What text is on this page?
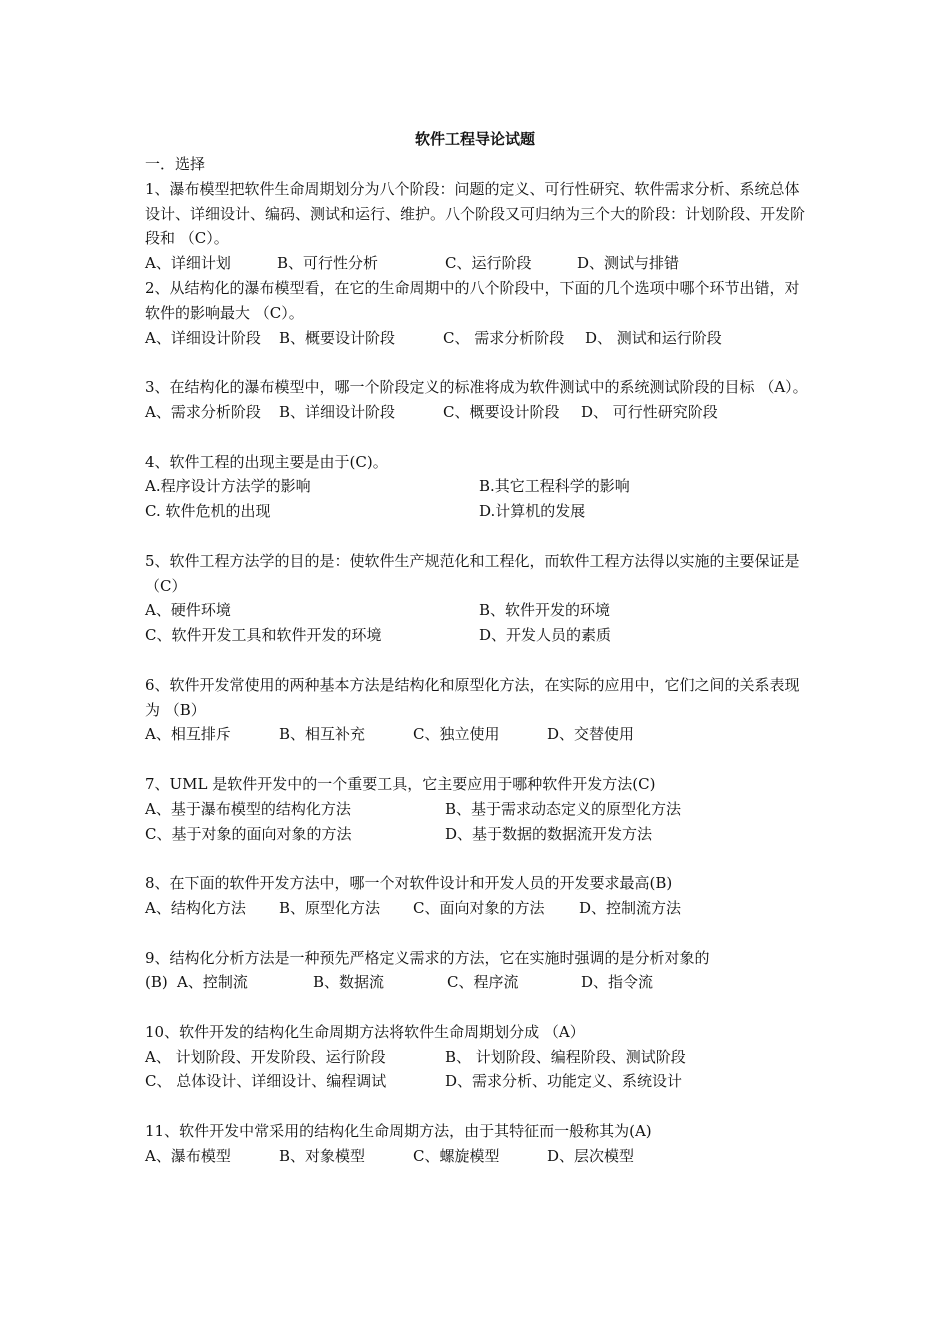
软件工程导论试题
一．选择
1、瀑布模型把软件生命周期划分为八个阶段：问题的定义、可行性研究、软件需求分析、系统总体设计、详细设计、编码、测试和运行、维护。八个阶段又可归纳为三个大的阶段：计划阶段、开发阶段和 （C）。
A、详细计划	B、可行性分析	C、运行阶段	D、测试与排错
2、从结构化的瀑布模型看，在它的生命周期中的八个阶段中，下面的几个选项中哪个环节出错，对软件的影响最大 （C）。
A、详细设计阶段 B、概要设计阶段	C、 需求分析阶段 D、 测试和运行阶段
3、在结构化的瀑布模型中，哪一个阶段定义的标准将成为软件测试中的系统测试阶段的目标 （A）。
A、需求分析阶段 B、详细设计阶段	C、概要设计阶段 D、 可行性研究阶段
4、软件工程的出现主要是由于(C)。
A.程序设计方法学的影响	B.其它工程科学的影响
C. 软件危机的出现	D.计算机的发展
5、软件工程方法学的目的是：使软件生产规范化和工程化，而软件工程方法得以实施的主要保证是 （C）
A、硬件环境	B、软件开发的环境
C、软件开发工具和软件开发的环境	D、开发人员的素质
6、软件开发常使用的两种基本方法是结构化和原型化方法，在实际的应用中，它们之间的关系表现为 （B）
A、相互排斥	B、相互补充	C、独立使用	D、交替使用
7、UML 是软件开发中的一个重要工具，它主要应用于哪种软件开发方法(C)
A、基于瀑布模型的结构化方法	B、基于需求动态定义的原型化方法
C、基于对象的面向对象的方法	D、基于数据的数据流开发方法
8、在下面的软件开发方法中，哪一个对软件设计和开发人员的开发要求最高(B)
A、结构化方法 B、原型化方法 C、面向对象的方法 D、控制流方法
9、结构化分析方法是一种预先严格定义需求的方法，它在实施时强调的是分析对象的
(B) A、控制流	B、数据流	C、程序流	D、指令流
10、软件开发的结构化生命周期方法将软件生命周期划分成 （A）
A、 计划阶段、开发阶段、运行阶段	B、 计划阶段、编程阶段、测试阶段
C、 总体设计、详细设计、编程调试	D、需求分析、功能定义、系统设计
11、软件开发中常采用的结构化生命周期方法，由于其特征而一般称其为(A)
A、瀑布模型	B、对象模型	C、螺旋模型	D、层次模型
